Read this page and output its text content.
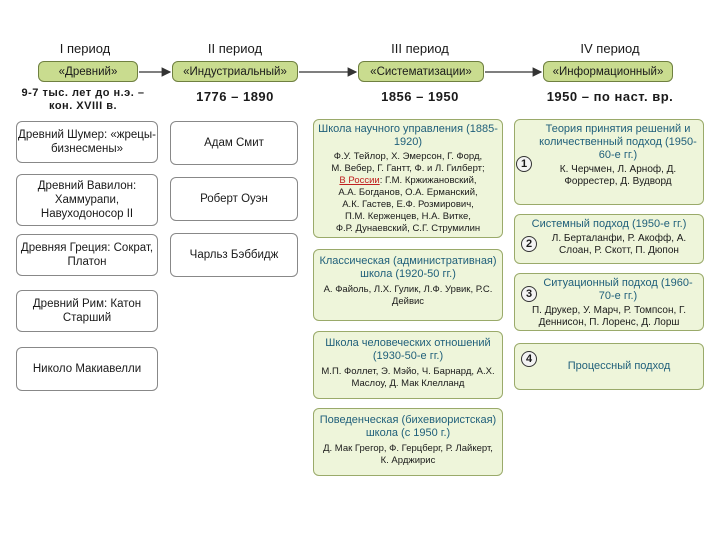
I период	II период	III период	IV период
«Древний»	«Индустриальный»	«Систематизации»	«Информационный»
9-7 тыс. лет до н.э. – кон. XVIII в.
1776 – 1890	1856 – 1950	1950 – по наст. вр.
Древний Шумер: «жрецы-бизнесмены»
Древний Вавилон: Хаммурапи, Навуходоносор II
Древняя Греция: Сократ, Платон
Древний Рим: Катон Старший
Николо Макиавелли
Адам Смит
Роберт Оуэн
Чарльз Бэббидж
Школа научного управления (1885-1920)
Ф.У. Тейлор, Х. Эмерсон, Г. Форд,
М. Вебер, Г. Гантт, Ф. и Л. Гилберт;
В России: Г.М. Кржижановский,
А.А. Богданов, О.А. Ерманский,
А.К. Гастев, Е.Ф. Розмирович,
П.М. Керженцев, Н.А. Витке,
Ф.Р. Дунаевский, С.Г. Струмилин
Классическая (административная) школа (1920-50 гг.)
А. Файоль, Л.Х. Гулик, Л.Ф. Урвик, Р.С. Дейвис
Школа человеческих отношений (1930-50-е гг.)
М.П. Фоллет, Э. Мэйо, Ч. Барнард, А.Х. Маслоу, Д. Мак Клелланд
Поведенческая (бихевиористская) школа (с 1950 г.)
Д. Мак Грегор, Ф. Герцберг, Р. Лайкерт, К. Арджирис
Теория принятия решений и количественный подход (1950-60-е гг.)
К. Черчмен, Л. Арноф, Д. Форрестер, Д. Вудворд
1
Системный подход (1950-е гг.)
Л. Берталанфи, Р. Акофф, А. Слоан, Р. Скотт, П. Дюпон
2
Ситуационный подход (1960-70-е гг.)
П. Друкер, У. Марч, Р. Томпсон, Г. Деннисон, П. Лоренс, Д. Лорш
3
Процессный подход
4
